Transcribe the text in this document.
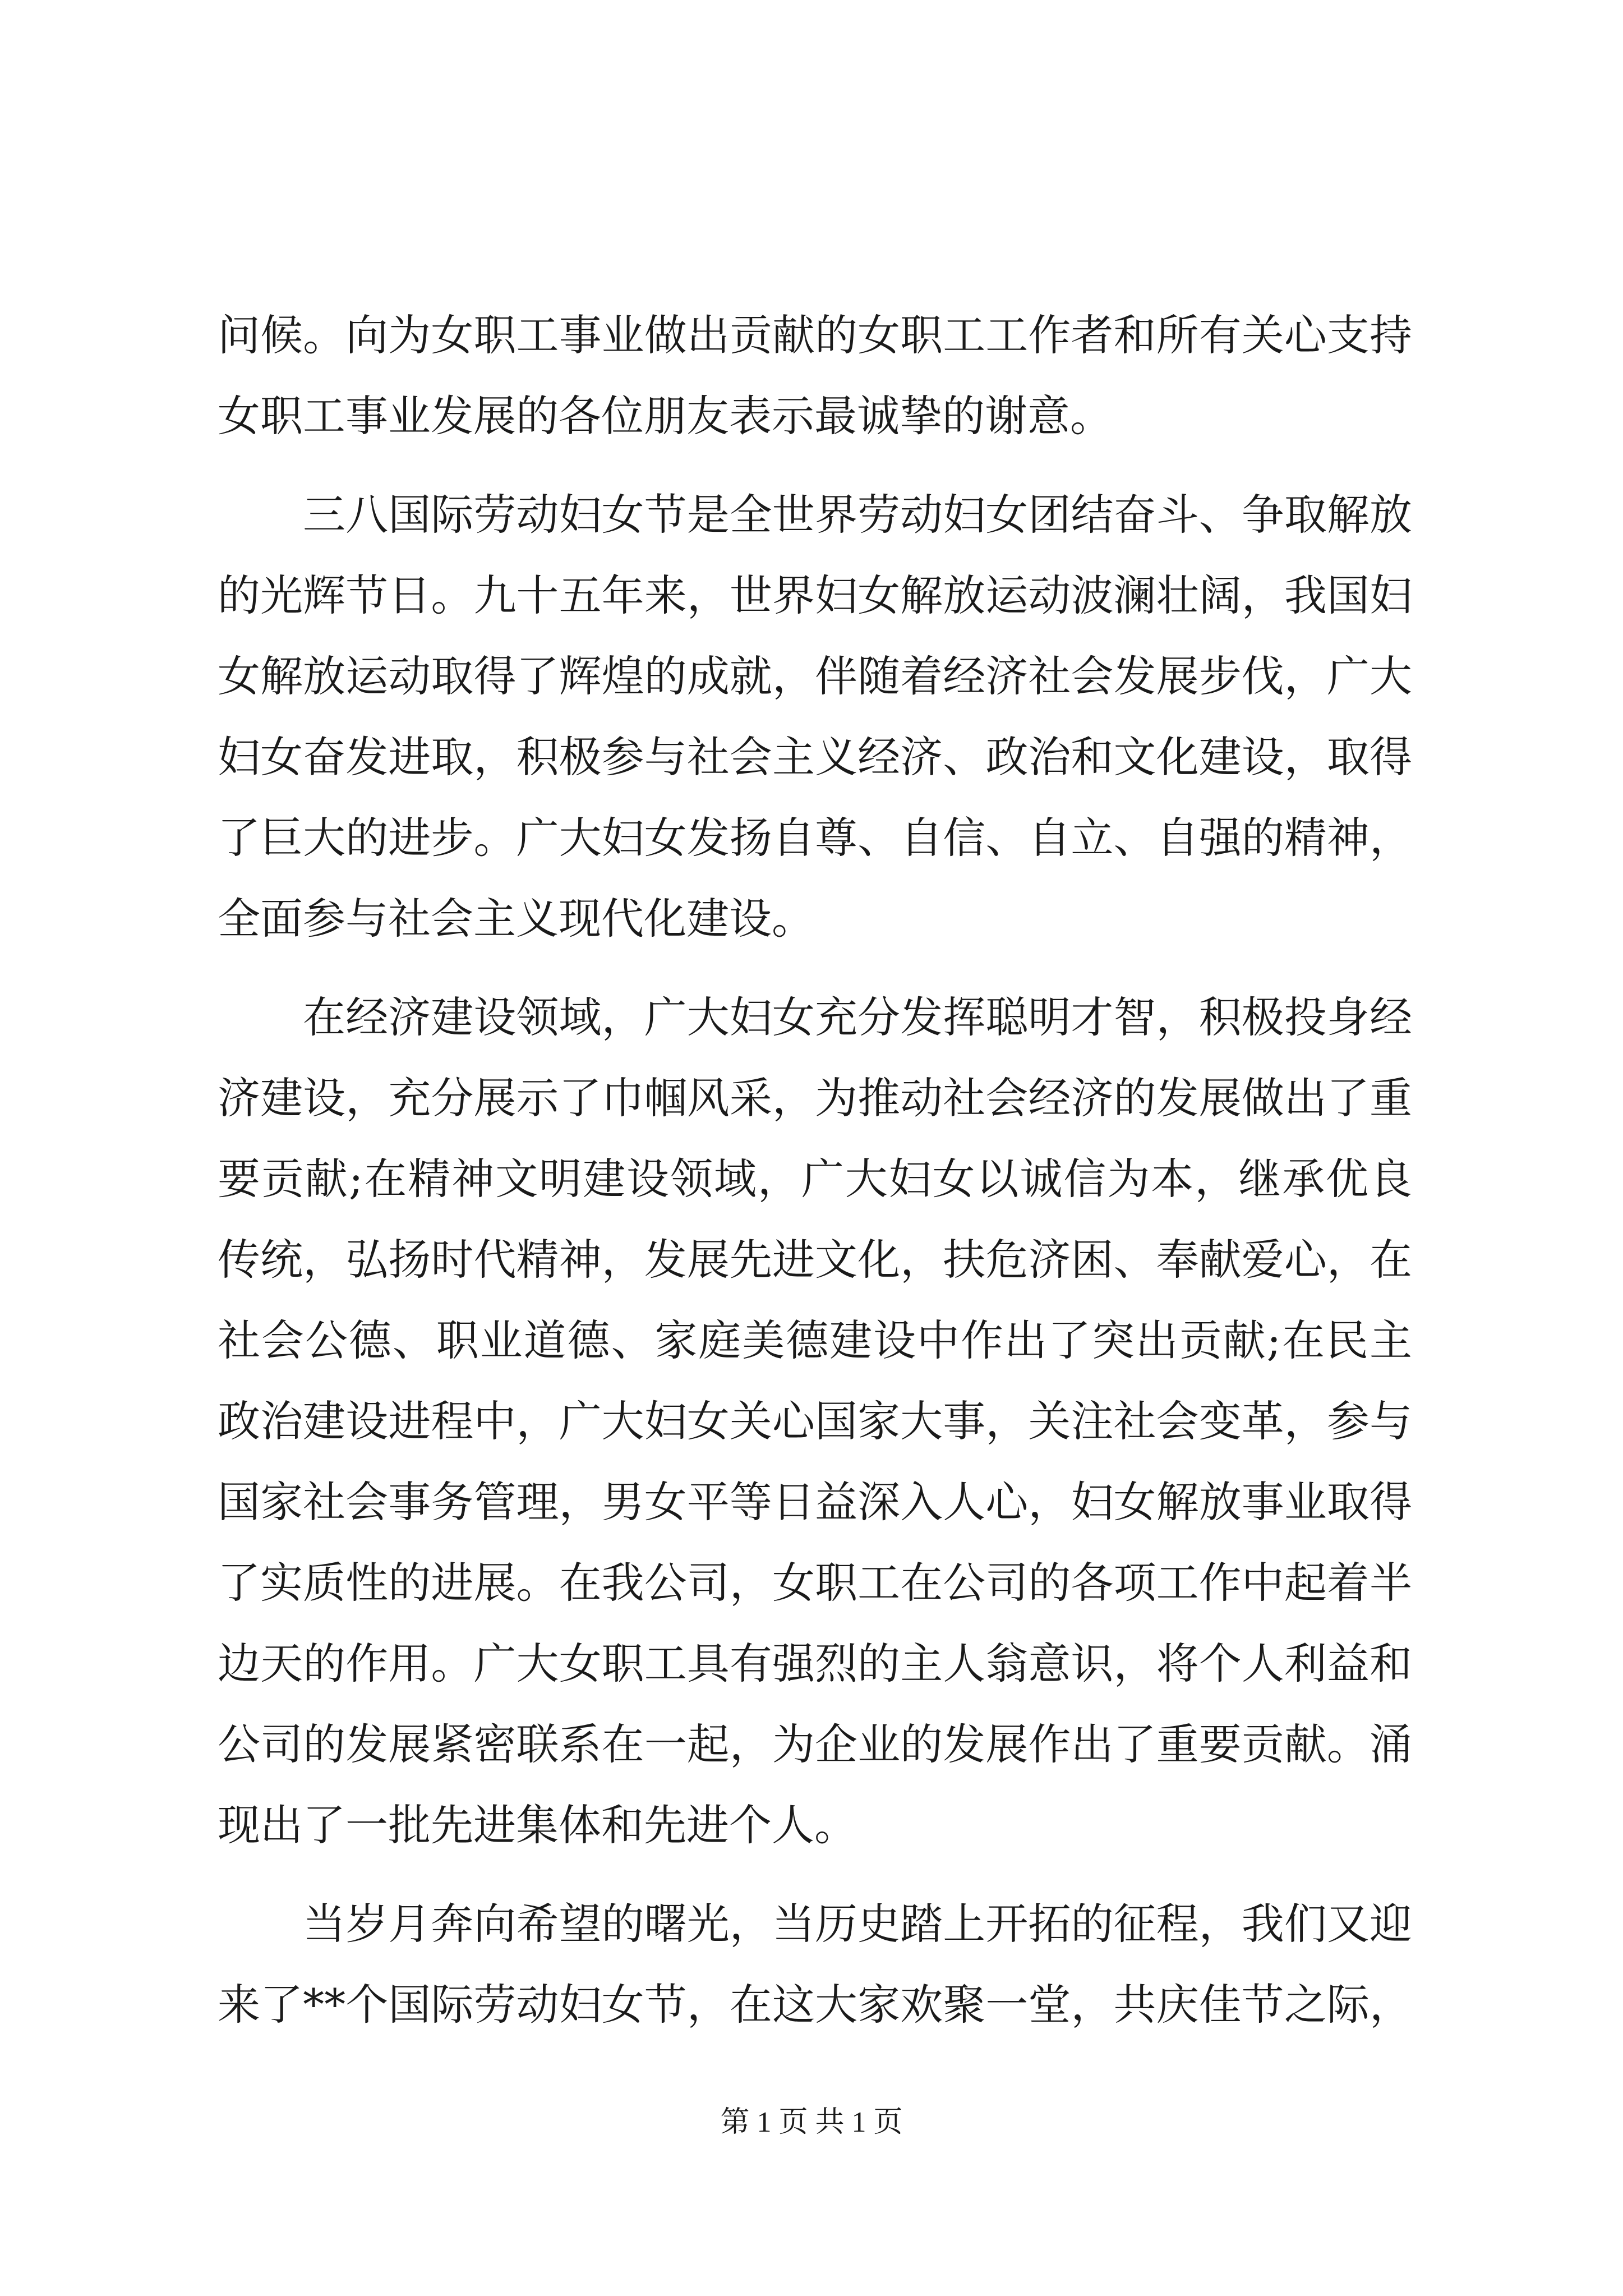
问候。向为女职工事业做出贡献的女职工工作者和所有关心支持
女职工事业发展的各位朋友表示最诚挚的谢意。
三八国际劳动妇女节是全世界劳动妇女团结奋斗、争取解放
的光辉节日。九十五年来，世界妇女解放运动波澜壮阔，我国妇
女解放运动取得了辉煌的成就，伴随着经济社会发展步伐，广大
妇女奋发进取，积极参与社会主义经济、政治和文化建设，取得
了巨大的进步。广大妇女发扬自尊、自信、自立、自强的精神，
全面参与社会主义现代化建设。
在经济建设领域，广大妇女充分发挥聪明才智，积极投身经
济建设，充分展示了巾帼风采，为推动社会经济的发展做出了重
要贡献;在精神文明建设领域，广大妇女以诚信为本，继承优良
传统，弘扬时代精神，发展先进文化，扶危济困、奉献爱心，在
社会公德、职业道德、家庭美德建设中作出了突出贡献;在民主
政治建设进程中，广大妇女关心国家大事，关注社会变革，参与
国家社会事务管理，男女平等日益深入人心，妇女解放事业取得
了实质性的进展。在我公司，女职工在公司的各项工作中起着半
边天的作用。广大女职工具有强烈的主人翁意识，将个人利益和
公司的发展紧密联系在一起，为企业的发展作出了重要贡献。涌
现出了一批先进集体和先进个人。
当岁月奔向希望的曙光，当历史踏上开拓的征程，我们又迎
来了**个国际劳动妇女节，在这大家欢聚一堂，共庆佳节之际，
第 1 页 共 1 页
